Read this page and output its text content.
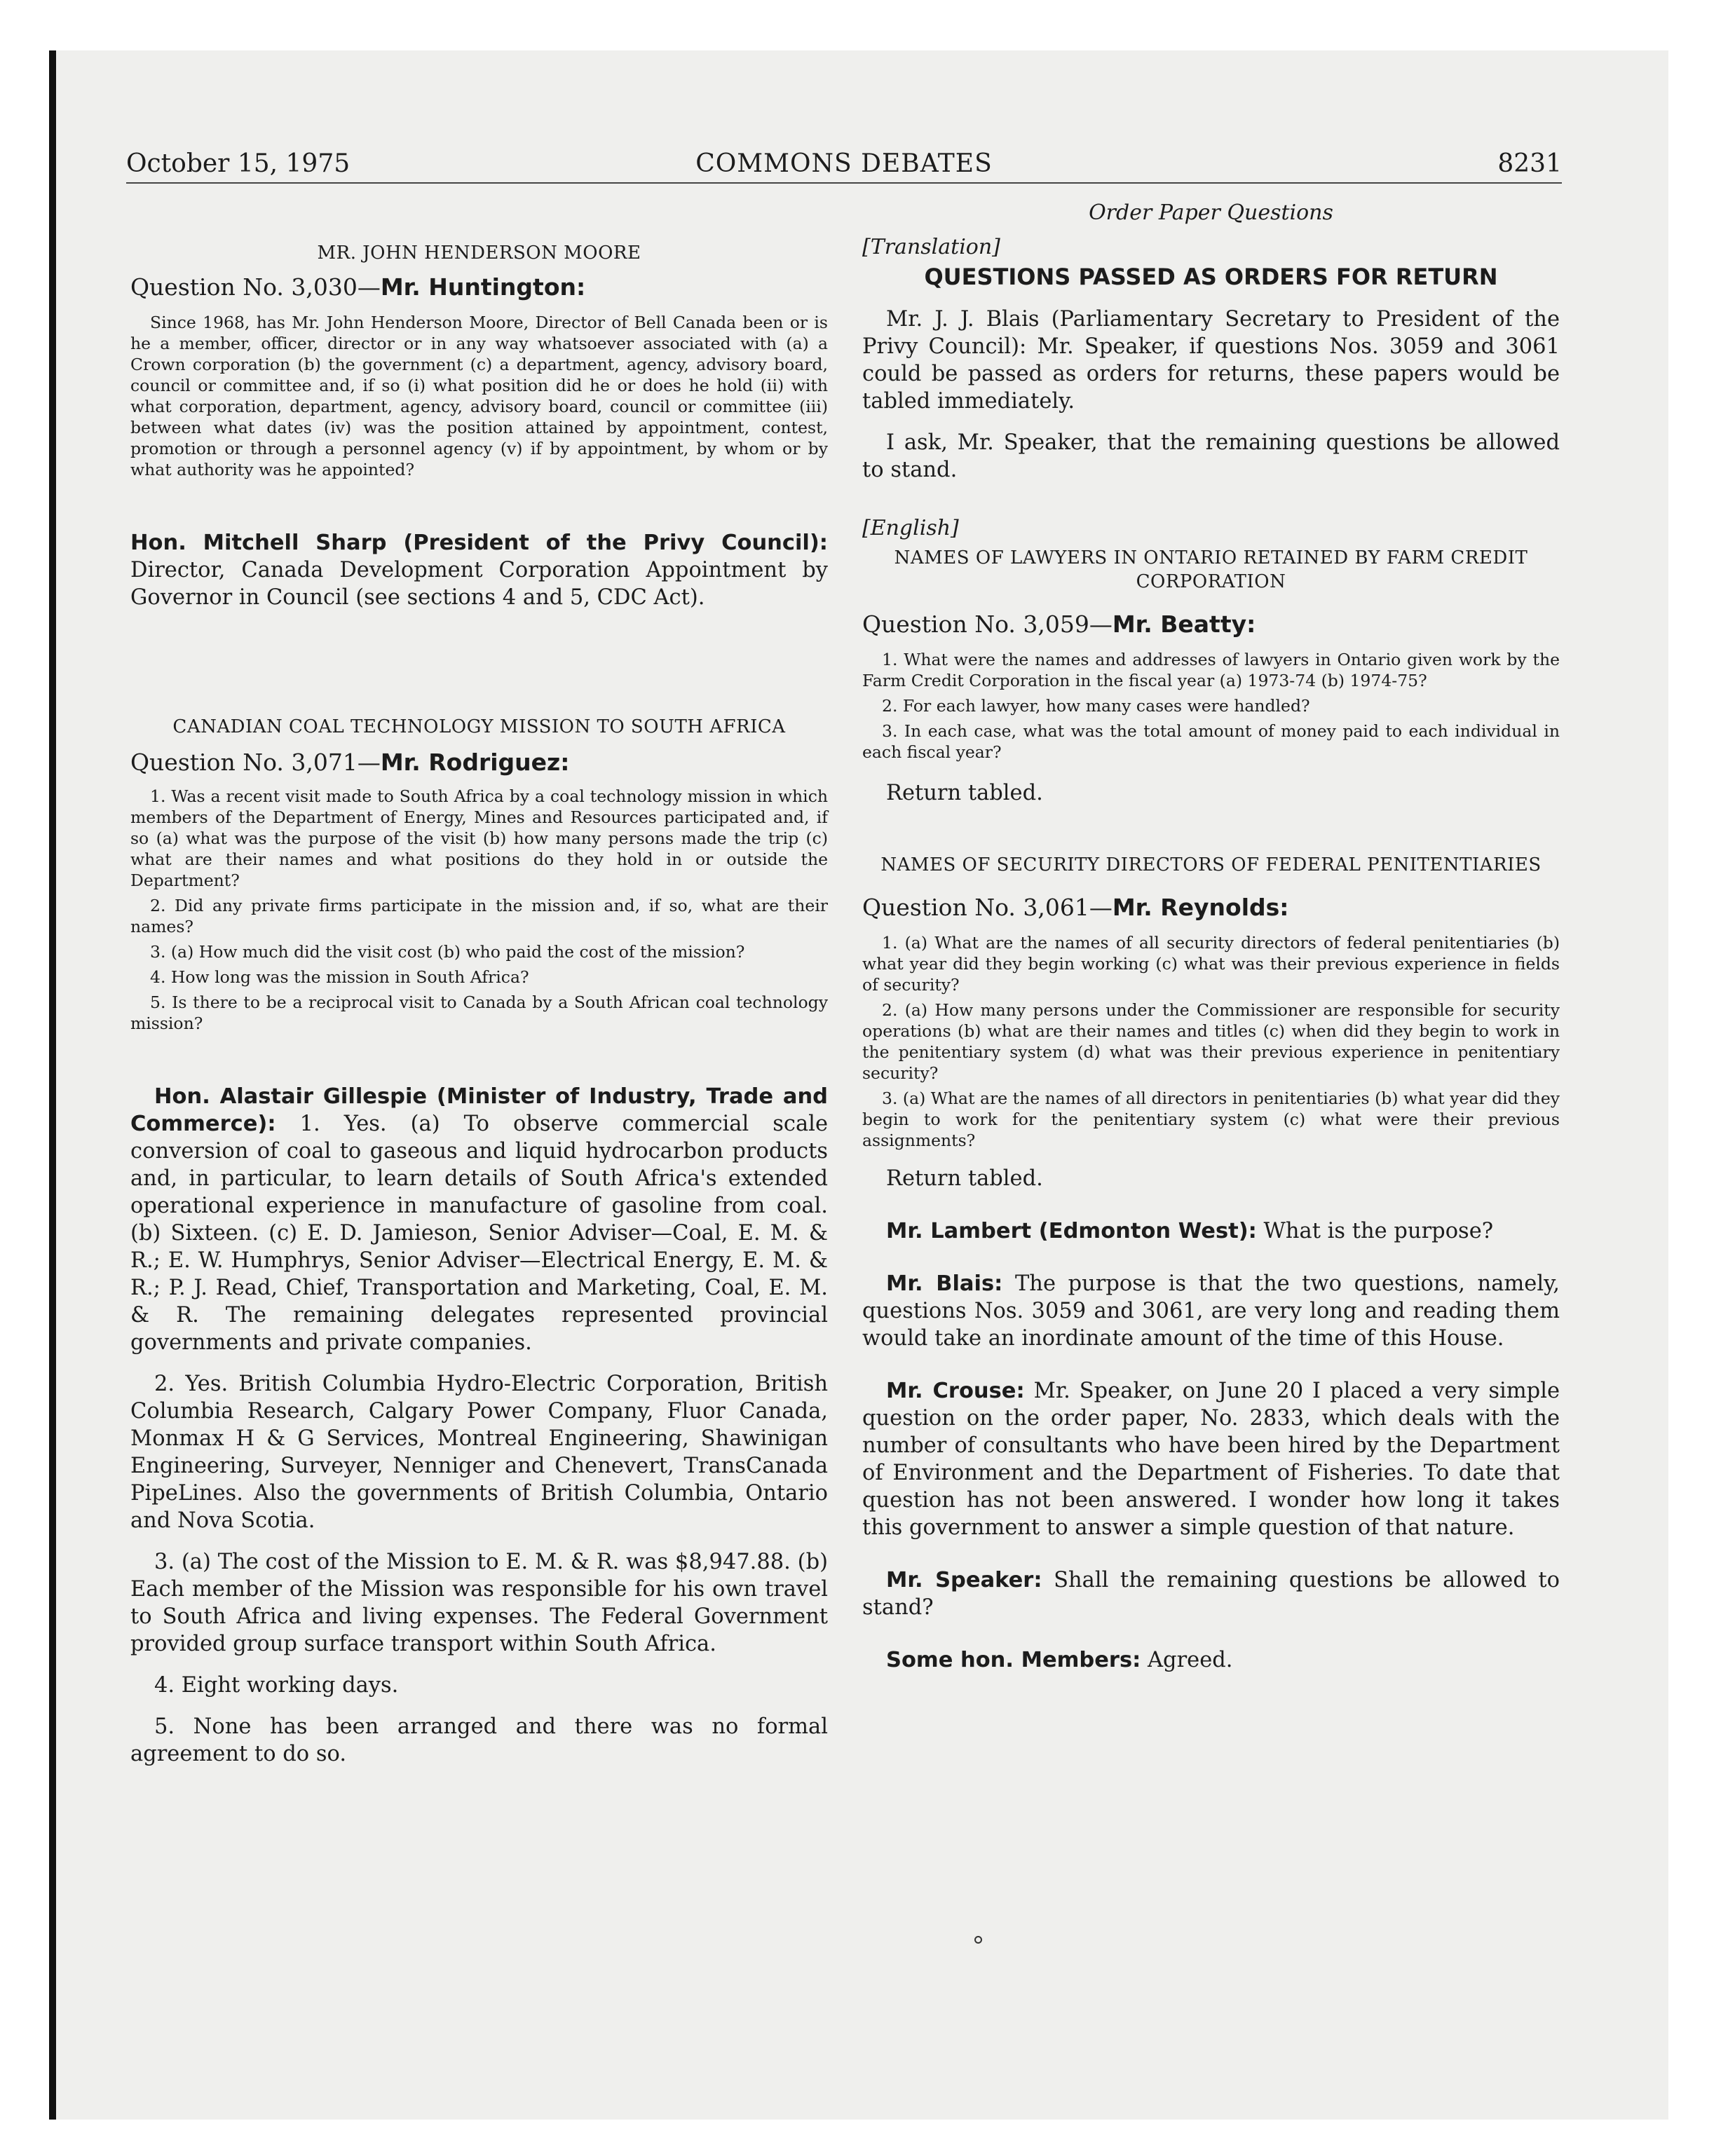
October 15, 1975	COMMONS DEBATES	8231

MR. JOHN HENDERSON MOORE

Question No. 3,030—Mr. Huntington:

Since 1968, has Mr. John Henderson Moore, Director of Bell Canada been or is he a member, officer, director or in any way whatsoever associated with (a) a Crown corporation (b) the government (c) a department, agency, advisory board, council or committee and, if so (i) what position did he or does he hold (ii) with what corporation, department, agency, advisory board, council or committee (iii) between what dates (iv) was the position attained by appointment, contest, promotion or through a personnel agency (v) if by appointment, by whom or by what authority was he appointed?

Hon. Mitchell Sharp (President of the Privy Council): Director, Canada Development Corporation Appointment by Governor in Council (see sections 4 and 5, CDC Act).

CANADIAN COAL TECHNOLOGY MISSION TO SOUTH AFRICA

Question No. 3,071—Mr. Rodriguez:

1. Was a recent visit made to South Africa by a coal technology mission in which members of the Department of Energy, Mines and Resources participated and, if so (a) what was the purpose of the visit (b) how many persons made the trip (c) what are their names and what positions do they hold in or outside the Department?

2. Did any private firms participate in the mission and, if so, what are their names?

3. (a) How much did the visit cost (b) who paid the cost of the mission?

4. How long was the mission in South Africa?

5. Is there to be a reciprocal visit to Canada by a South African coal technology mission?

Hon. Alastair Gillespie (Minister of Industry, Trade and Commerce): 1. Yes. (a) To observe commercial scale conversion of coal to gaseous and liquid hydrocarbon products and, in particular, to learn details of South Africa's extended operational experience in manufacture of gasoline from coal. (b) Sixteen. (c) E. D. Jamieson, Senior Adviser—Coal, E. M. & R.; E. W. Humphrys, Senior Adviser—Electrical Energy, E. M. & R.; P. J. Read, Chief, Transportation and Marketing, Coal, E. M. & R. The remaining delegates represented provincial governments and private companies.

2. Yes. British Columbia Hydro-Electric Corporation, British Columbia Research, Calgary Power Company, Fluor Canada, Monmax H & G Services, Montreal Engineering, Shawinigan Engineering, Surveyer, Nenniger and Chenevert, TransCanada PipeLines. Also the governments of British Columbia, Ontario and Nova Scotia.

3. (a) The cost of the Mission to E. M. & R. was $8,947.88. (b) Each member of the Mission was responsible for his own travel to South Africa and living expenses. The Federal Government provided group surface transport within South Africa.

4. Eight working days.

5. None has been arranged and there was no formal agreement to do so.

Order Paper Questions

[Translation]

QUESTIONS PASSED AS ORDERS FOR RETURN

Mr. J. J. Blais (Parliamentary Secretary to President of the Privy Council): Mr. Speaker, if questions Nos. 3059 and 3061 could be passed as orders for returns, these papers would be tabled immediately.

I ask, Mr. Speaker, that the remaining questions be allowed to stand.

[English]

NAMES OF LAWYERS IN ONTARIO RETAINED BY FARM CREDIT CORPORATION

Question No. 3,059—Mr. Beatty:

1. What were the names and addresses of lawyers in Ontario given work by the Farm Credit Corporation in the fiscal year (a) 1973-74 (b) 1974-75?

2. For each lawyer, how many cases were handled?

3. In each case, what was the total amount of money paid to each individual in each fiscal year?

Return tabled.

NAMES OF SECURITY DIRECTORS OF FEDERAL PENITENTIARIES

Question No. 3,061—Mr. Reynolds:

1. (a) What are the names of all security directors of federal penitentiaries (b) what year did they begin working (c) what was their previous experience in fields of security?

2. (a) How many persons under the Commissioner are responsible for security operations (b) what are their names and titles (c) when did they begin to work in the penitentiary system (d) what was their previous experience in penitentiary security?

3. (a) What are the names of all directors in penitentiaries (b) what year did they begin to work for the penitentiary system (c) what were their previous assignments?

Return tabled.

Mr. Lambert (Edmonton West): What is the purpose?

Mr. Blais: The purpose is that the two questions, namely, questions Nos. 3059 and 3061, are very long and reading them would take an inordinate amount of the time of this House.

Mr. Crouse: Mr. Speaker, on June 20 I placed a very simple question on the order paper, No. 2833, which deals with the number of consultants who have been hired by the Department of Environment and the Department of Fisheries. To date that question has not been answered. I wonder how long it takes this government to answer a simple question of that nature.

Mr. Speaker: Shall the remaining questions be allowed to stand?

Some hon. Members: Agreed.
